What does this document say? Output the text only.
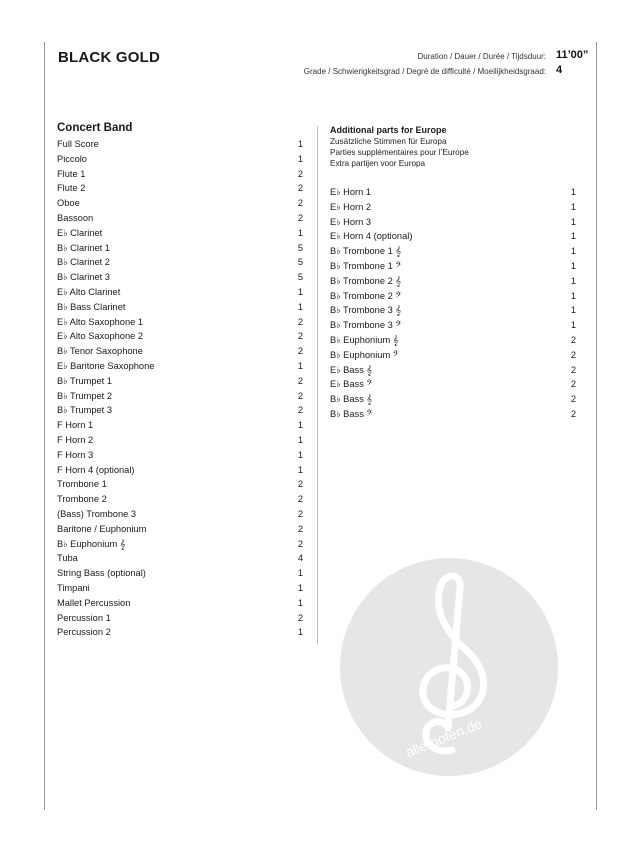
BLACK GOLD	Duration / Dauer / Durée / Tijdsduur: 11’00”
Grade / Schwierigkeitsgrad / Degré de difficulté / Moeilijkheidsgraad: 4
Concert Band
Full Score	1
Piccolo	1
Flute 1	2
Flute 2	2
Oboe	2
Bassoon	2
E♭ Clarinet	1
B♭ Clarinet 1	5
B♭ Clarinet 2	5
B♭ Clarinet 3	5
E♭ Alto Clarinet	1
B♭ Bass Clarinet	1
E♭ Alto Saxophone 1	2
E♭ Alto Saxophone 2	2
B♭ Tenor Saxophone	2
E♭ Baritone Saxophone	1
B♭ Trumpet 1	2
B♭ Trumpet 2	2
B♭ Trumpet 3	2
F Horn 1	1
F Horn 2	1
F Horn 3	1
F Horn 4 (optional)	1
Trombone 1	2
Trombone 2	2
(Bass) Trombone 3	2
Baritone / Euphonium	2
B♭ Euphonium 𝄞	2
Tuba	4
String Bass (optional)	1
Timpani	1
Mallet Percussion	1
Percussion 1	2
Percussion 2	1
Additional parts for Europe
Zusätzliche Stimmen für Europa
Parties supplémentaires pour l’Europe
Extra partijen voor Europa
E♭ Horn 1	1
E♭ Horn 2	1
E♭ Horn 3	1
E♭ Horn 4 (optional)	1
B♭ Trombone 1 𝄞	1
B♭ Trombone 1 𝄢	1
B♭ Trombone 2 𝄞	1
B♭ Trombone 2 𝄢	1
B♭ Trombone 3 𝄞	1
B♭ Trombone 3 𝄢	1
B♭ Euphonium 𝄞	2
B♭ Euphonium 𝄢	2
E♭ Bass 𝄞	2
E♭ Bass 𝄢	2
B♭ Bass 𝄞	2
B♭ Bass 𝄢	2
alle-noten.de
